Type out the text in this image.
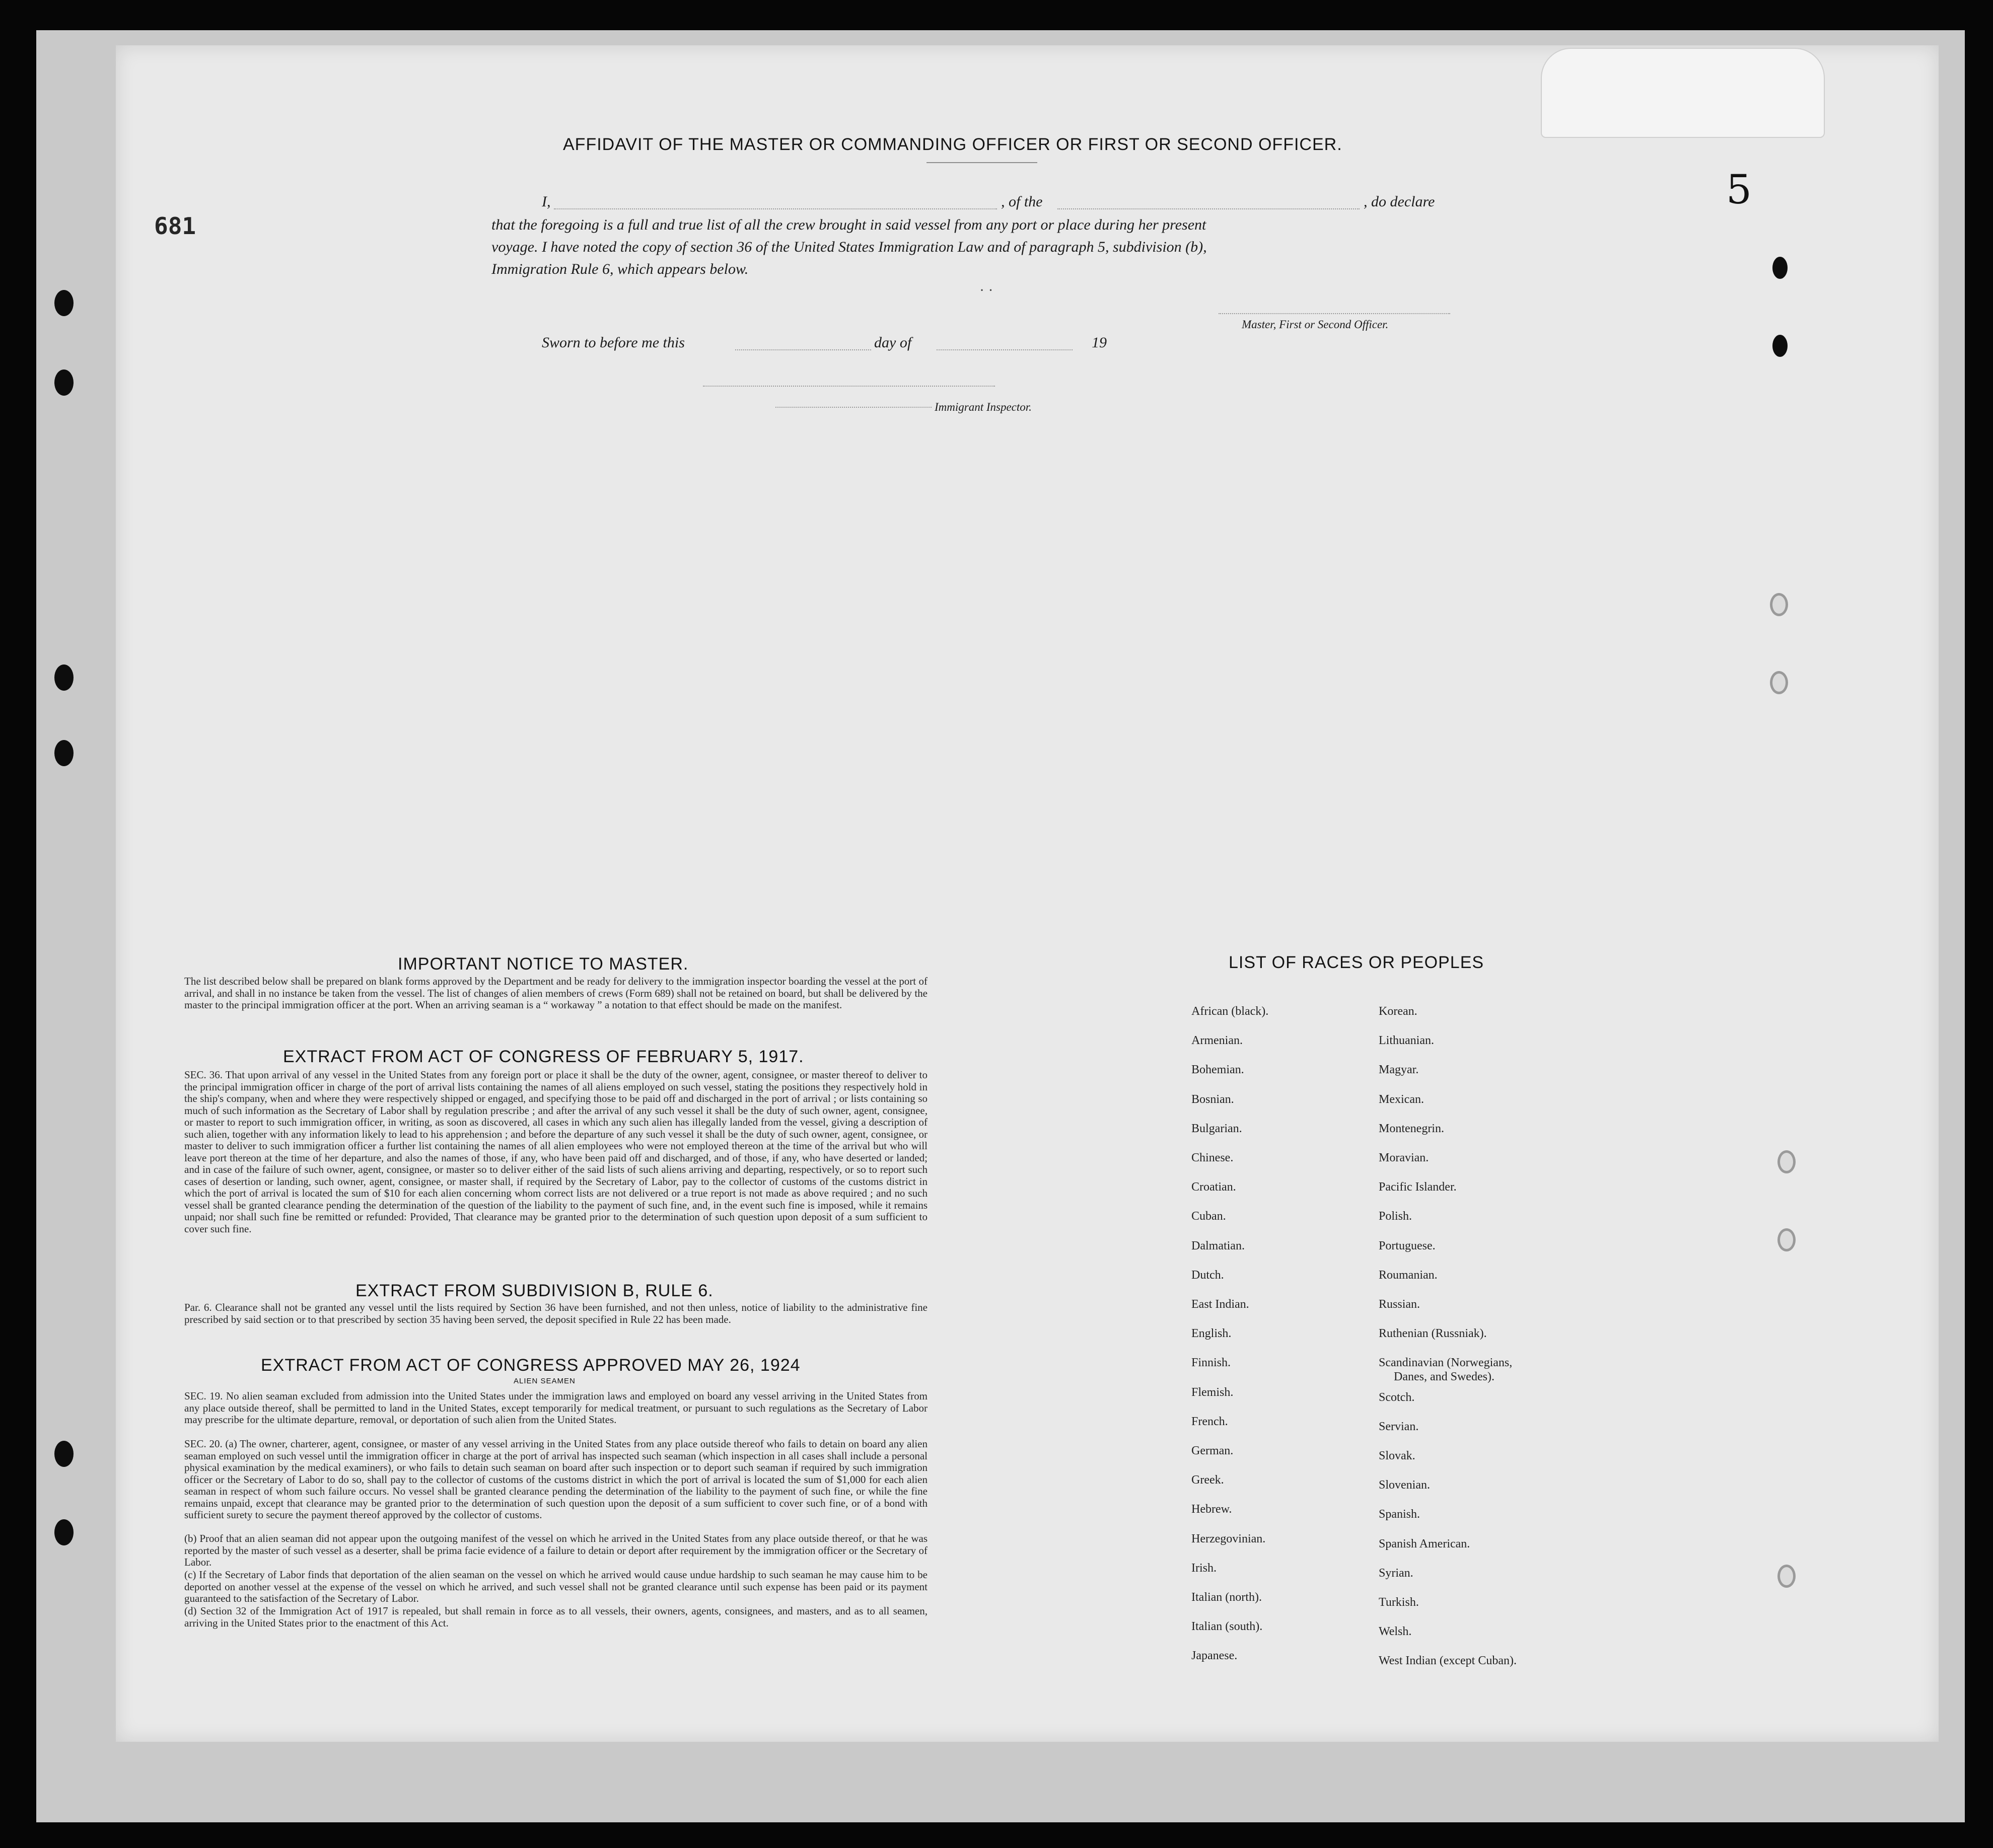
681
5
AFFIDAVIT OF THE MASTER OR COMMANDING OFFICER OR FIRST OR SECOND OFFICER.
I,	, of the	, do declare
that the foregoing is a full and true list of all the crew brought in said vessel from any port or place during her present
voyage. I have noted the copy of section 36 of the United States Immigration Law and of paragraph 5, subdivision (b),
Immigration Rule 6, which appears below.
· ·
Master, First or Second Officer.
Sworn to before me this	day of	19
Immigrant Inspector.
IMPORTANT NOTICE TO MASTER.
The list described below shall be prepared on blank forms approved by the Department and be ready for delivery to the immigration inspector boarding the vessel at the port of arrival, and shall in no instance be taken from the vessel. The list of changes of alien members of crews (Form 689) shall not be retained on board, but shall be delivered by the master to the principal immigration officer at the port. When an arriving seaman is a “ workaway ” a notation to that effect should be made on the manifest.
EXTRACT FROM ACT OF CONGRESS OF FEBRUARY 5, 1917.
SEC. 36. That upon arrival of any vessel in the United States from any foreign port or place it shall be the duty of the owner, agent, consignee, or master thereof to deliver to the principal immigration officer in charge of the port of arrival lists containing the names of all aliens employed on such vessel, stating the positions they respectively hold in the ship's company, when and where they were respectively shipped or engaged, and specifying those to be paid off and discharged in the port of arrival ; or lists containing so much of such information as the Secretary of Labor shall by regulation prescribe ; and after the arrival of any such vessel it shall be the duty of such owner, agent, consignee, or master to report to such immigration officer, in writing, as soon as discovered, all cases in which any such alien has illegally landed from the vessel, giving a description of such alien, together with any information likely to lead to his apprehension ; and before the departure of any such vessel it shall be the duty of such owner, agent, consignee, or master to deliver to such immigration officer a further list containing the names of all alien employees who were not employed thereon at the time of the arrival but who will leave port thereon at the time of her departure, and also the names of those, if any, who have been paid off and discharged, and of those, if any, who have deserted or landed; and in case of the failure of such owner, agent, consignee, or master so to deliver either of the said lists of such aliens arriving and departing, respectively, or so to report such cases of desertion or landing, such owner, agent, consignee, or master shall, if required by the Secretary of Labor, pay to the collector of customs of the customs district in which the port of arrival is located the sum of $10 for each alien concerning whom correct lists are not delivered or a true report is not made as above required ; and no such vessel shall be granted clearance pending the determination of the question of the liability to the payment of such fine, and, in the event such fine is imposed, while it remains unpaid; nor shall such fine be remitted or refunded: Provided, That clearance may be granted prior to the determination of such question upon deposit of a sum sufficient to cover such fine.
EXTRACT FROM SUBDIVISION B, RULE 6.
Par. 6. Clearance shall not be granted any vessel until the lists required by Section 36 have been furnished, and not then unless, notice of liability to the administrative fine prescribed by said section or to that prescribed by section 35 having been served, the deposit specified in Rule 22 has been made.
EXTRACT FROM ACT OF CONGRESS APPROVED MAY 26, 1924
ALIEN SEAMEN
SEC. 19. No alien seaman excluded from admission into the United States under the immigration laws and employed on board any vessel arriving in the United States from any place outside thereof, shall be permitted to land in the United States, except temporarily for medical treatment, or pursuant to such regulations as the Secretary of Labor may prescribe for the ultimate departure, removal, or deportation of such alien from the United States.
SEC. 20. (a) The owner, charterer, agent, consignee, or master of any vessel arriving in the United States from any place outside thereof who fails to detain on board any alien seaman employed on such vessel until the immigration officer in charge at the port of arrival has inspected such seaman (which inspection in all cases shall include a personal physical examination by the medical examiners), or who fails to detain such seaman on board after such inspection or to deport such seaman if required by such immigration officer or the Secretary of Labor to do so, shall pay to the collector of customs of the customs district in which the port of arrival is located the sum of $1,000 for each alien seaman in respect of whom such failure occurs. No vessel shall be granted clearance pending the determination of the liability to the payment of such fine, or while the fine remains unpaid, except that clearance may be granted prior to the determination of such question upon the deposit of a sum sufficient to cover such fine, or of a bond with sufficient surety to secure the payment thereof approved by the collector of customs.
(b) Proof that an alien seaman did not appear upon the outgoing manifest of the vessel on which he arrived in the United States from any place outside thereof, or that he was reported by the master of such vessel as a deserter, shall be prima facie evidence of a failure to detain or deport after requirement by the immigration officer or the Secretary of Labor.
(c) If the Secretary of Labor finds that deportation of the alien seaman on the vessel on which he arrived would cause undue hardship to such seaman he may cause him to be deported on another vessel at the expense of the vessel on which he arrived, and such vessel shall not be granted clearance until such expense has been paid or its payment guaranteed to the satisfaction of the Secretary of Labor.
(d) Section 32 of the Immigration Act of 1917 is repealed, but shall remain in force as to all vessels, their owners, agents, consignees, and masters, and as to all seamen, arriving in the United States prior to the enactment of this Act.
LIST OF RACES OR PEOPLES
African (black).
Armenian.
Bohemian.
Bosnian.
Bulgarian.
Chinese.
Croatian.
Cuban.
Dalmatian.
Dutch.
East Indian.
English.
Finnish.
Flemish.
French.
German.
Greek.
Hebrew.
Herzegovinian.
Irish.
Italian (north).
Italian (south).
Japanese.
Korean.
Lithuanian.
Magyar.
Mexican.
Montenegrin.
Moravian.
Pacific Islander.
Polish.
Portuguese.
Roumanian.
Russian.
Ruthenian (Russniak).
Scandinavian (Norwegians,
Danes, and Swedes).
Scotch.
Servian.
Slovak.
Slovenian.
Spanish.
Spanish American.
Syrian.
Turkish.
Welsh.
West Indian (except Cuban).
